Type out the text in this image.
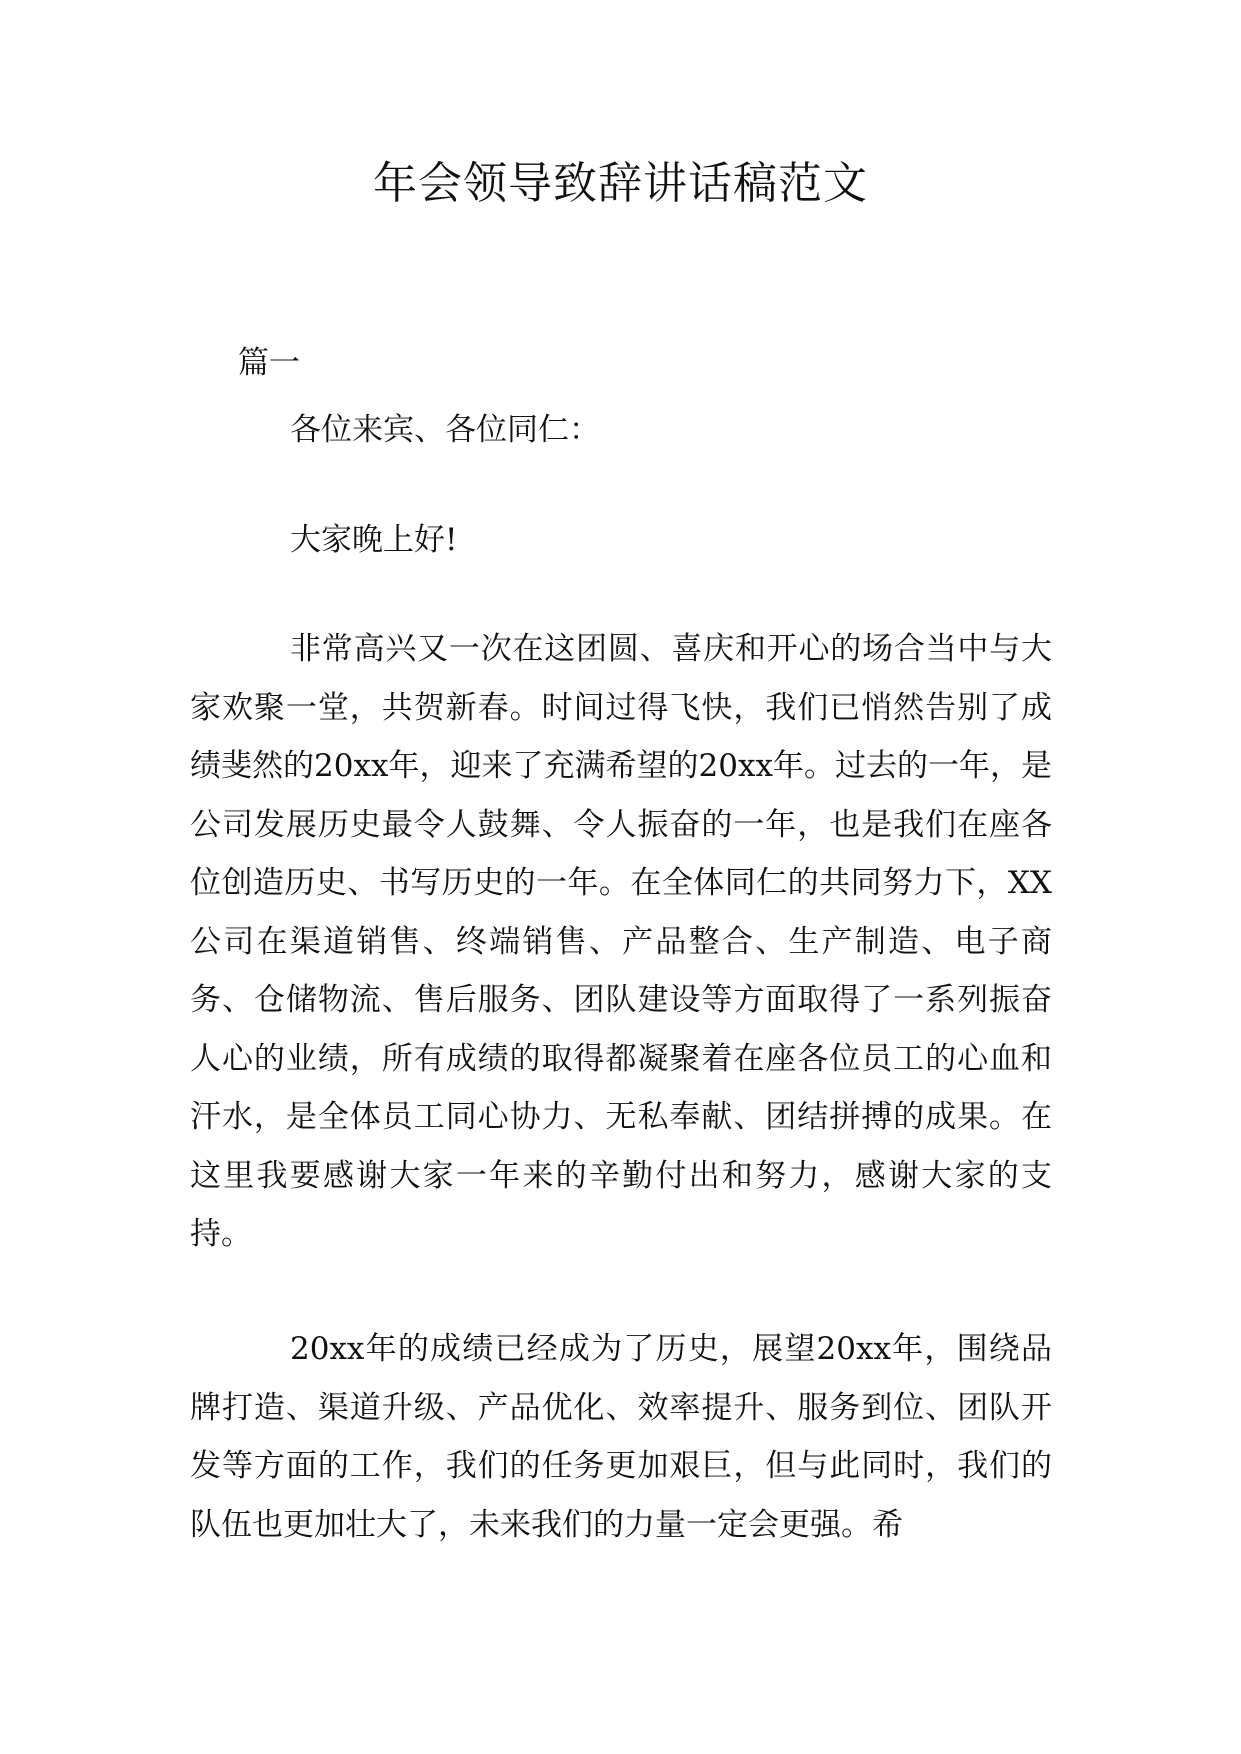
年会领导致辞讲话稿范文
篇一

各位来宾、各位同仁：

大家晚上好!

非常高兴又一次在这团圆、喜庆和开心的场合当中与大家欢聚一堂，共贺新春。时间过得飞快，我们已悄然告别了成绩斐然的20xx年，迎来了充满希望的20xx年。过去的一年，是公司发展历史最令人鼓舞、令人振奋的一年，也是我们在座各位创造历史、书写历史的一年。在全体同仁的共同努力下，XX公司在渠道销售、终端销售、产品整合、生产制造、电子商务、仓储物流、售后服务、团队建设等方面取得了一系列振奋人心的业绩，所有成绩的取得都凝聚着在座各位员工的心血和汗水，是全体员工同心协力、无私奉献、团结拼搏的成果。在这里我要感谢大家一年来的辛勤付出和努力，感谢大家的支持。

20xx年的成绩已经成为了历史，展望20xx年，围绕品牌打造、渠道升级、产品优化、效率提升、服务到位、团队开发等方面的工作，我们的任务更加艰巨，但与此同时，我们的队伍也更加壮大了，未来我们的力量一定会更强。希
